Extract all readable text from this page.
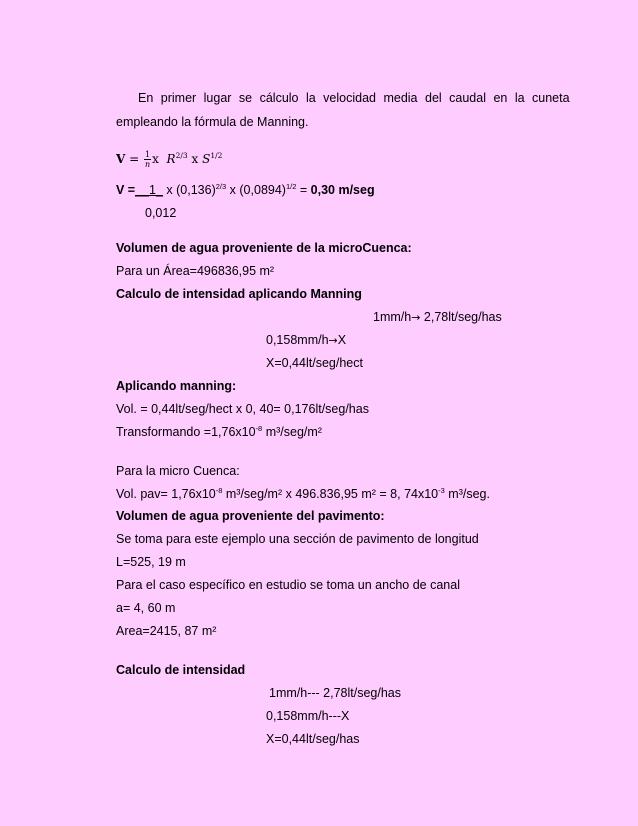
En primer lugar se cálculo la velocidad media del caudal en la cuneta
empleando la fórmula de Manning.
$V = \frac{1}{n}$ x $R^{2/3}$ x $S^{1/2}$
V =__1_ x $(0,136)^{2/3}$ x $(0,0894)^{1/2} = 0,30$ m/seg
0,012
Volumen de agua proveniente de la microCuenca:
Para un Área=496836,95 m²
Calculo de intensidad aplicando Manning
1mm/h→ 2,78lt/seg/has
0,158mm/h→X
X=0,44lt/seg/hect
Aplicando manning:
Vol. = 0,44lt/seg/hect x 0, 40= 0,176lt/seg/has
Transformando $=1,76x10^{-8}$ m³/seg/m²
Para la micro Cuenca:
Vol. $pav= 1,76x10^{-8}$ m³/seg/m² x 496.836,95 m² = 8, $74x10^{-3}$ m³/seg.
Volumen de agua proveniente del pavimento:
Se toma para este ejemplo una sección de pavimento de longitud
L=525, 19 m
Para el caso específico en estudio se toma un ancho de canal
a= 4, 60 m
Area=2415, 87 m²
Calculo de intensidad
1mm/h--- 2,78lt/seg/has
0,158mm/h---X
X=0,44lt/seg/has
